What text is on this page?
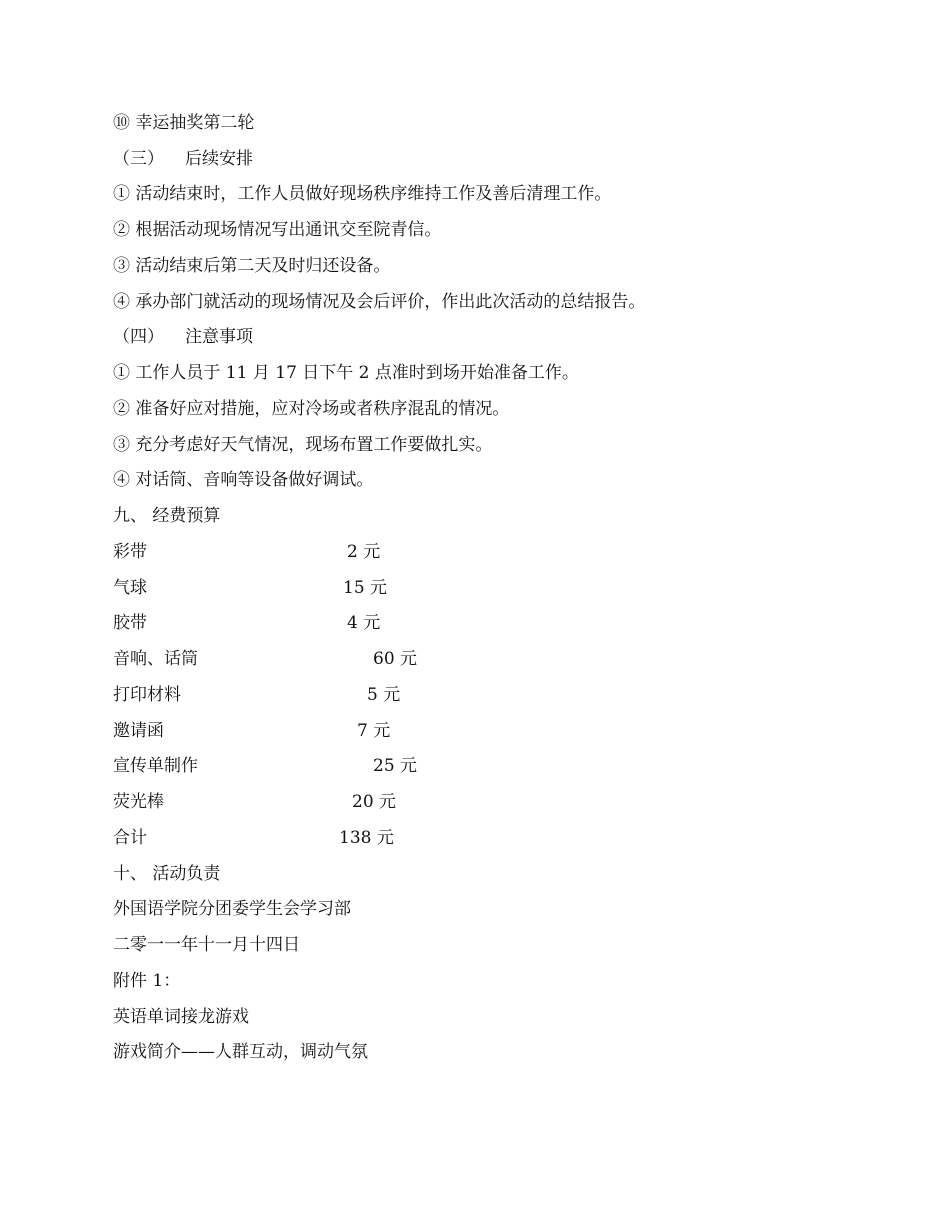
⑩ 幸运抽奖第二轮
（三） 后续安排
① 活动结束时，工作人员做好现场秩序维持工作及善后清理工作。
② 根据活动现场情况写出通讯交至院青信。
③ 活动结束后第二天及时归还设备。
④ 承办部门就活动的现场情况及会后评价，作出此次活动的总结报告。
（四） 注意事项
① 工作人员于 11 月 17 日下午 2 点准时到场开始准备工作。
② 准备好应对措施，应对冷场或者秩序混乱的情况。
③ 充分考虑好天气情况，现场布置工作要做扎实。
④ 对话筒、音响等设备做好调试。
九、 经费预算
彩带	2 元
气球	15 元
胶带	4 元
音响、话筒	60 元
打印材料	5 元
邀请函	7 元
宣传单制作	25 元
荧光棒	20 元
合计	138 元
十、 活动负责
外国语学院分团委学生会学习部
二零一一年十一月十四日
附件 1：
英语单词接龙游戏
游戏简介——人群互动，调动气氛
